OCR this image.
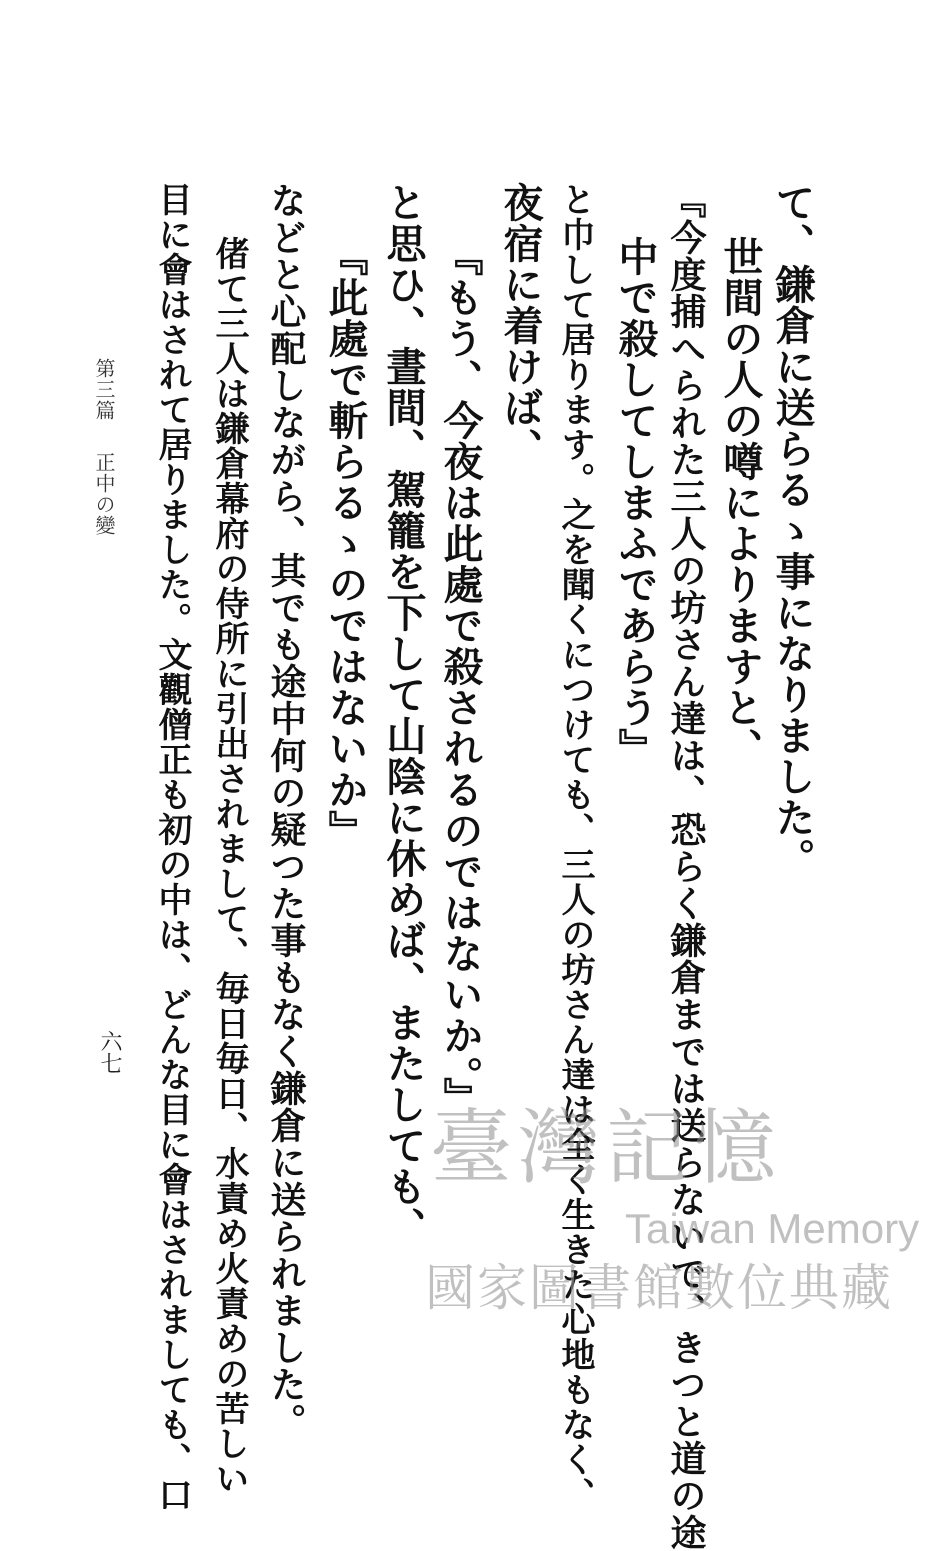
て、鎌倉に送らるゝ事になりました。
世間の人の噂によりますと、
『今度捕へられた三人の坊さん達は、恐らく鎌倉までは送らないで、きつと道の途
中で殺してしまふであらう』
と巾して居ります。之を聞くにつけても、三人の坊さん達は全く生きた心地もなく、
夜宿に着けば、
『もう、今夜は此處で殺されるのではないか。』
と思ひ、晝間、駕籠を下して山陰に休めば、またしても、
『此處で斬らるゝのではないか』
などと心配しながら、其でも途中何の疑つた事もなく鎌倉に送られました。
偖て三人は鎌倉幕府の侍所に引出されまして、毎日毎日、水責め火責めの苦しい
目に會はされて居りました。文觀僧正も初の中は、どんな目に會はされましても、口
第三篇
正中の變
六七
臺灣記憶
Taiwan Memory
國家圖書館數位典藏
